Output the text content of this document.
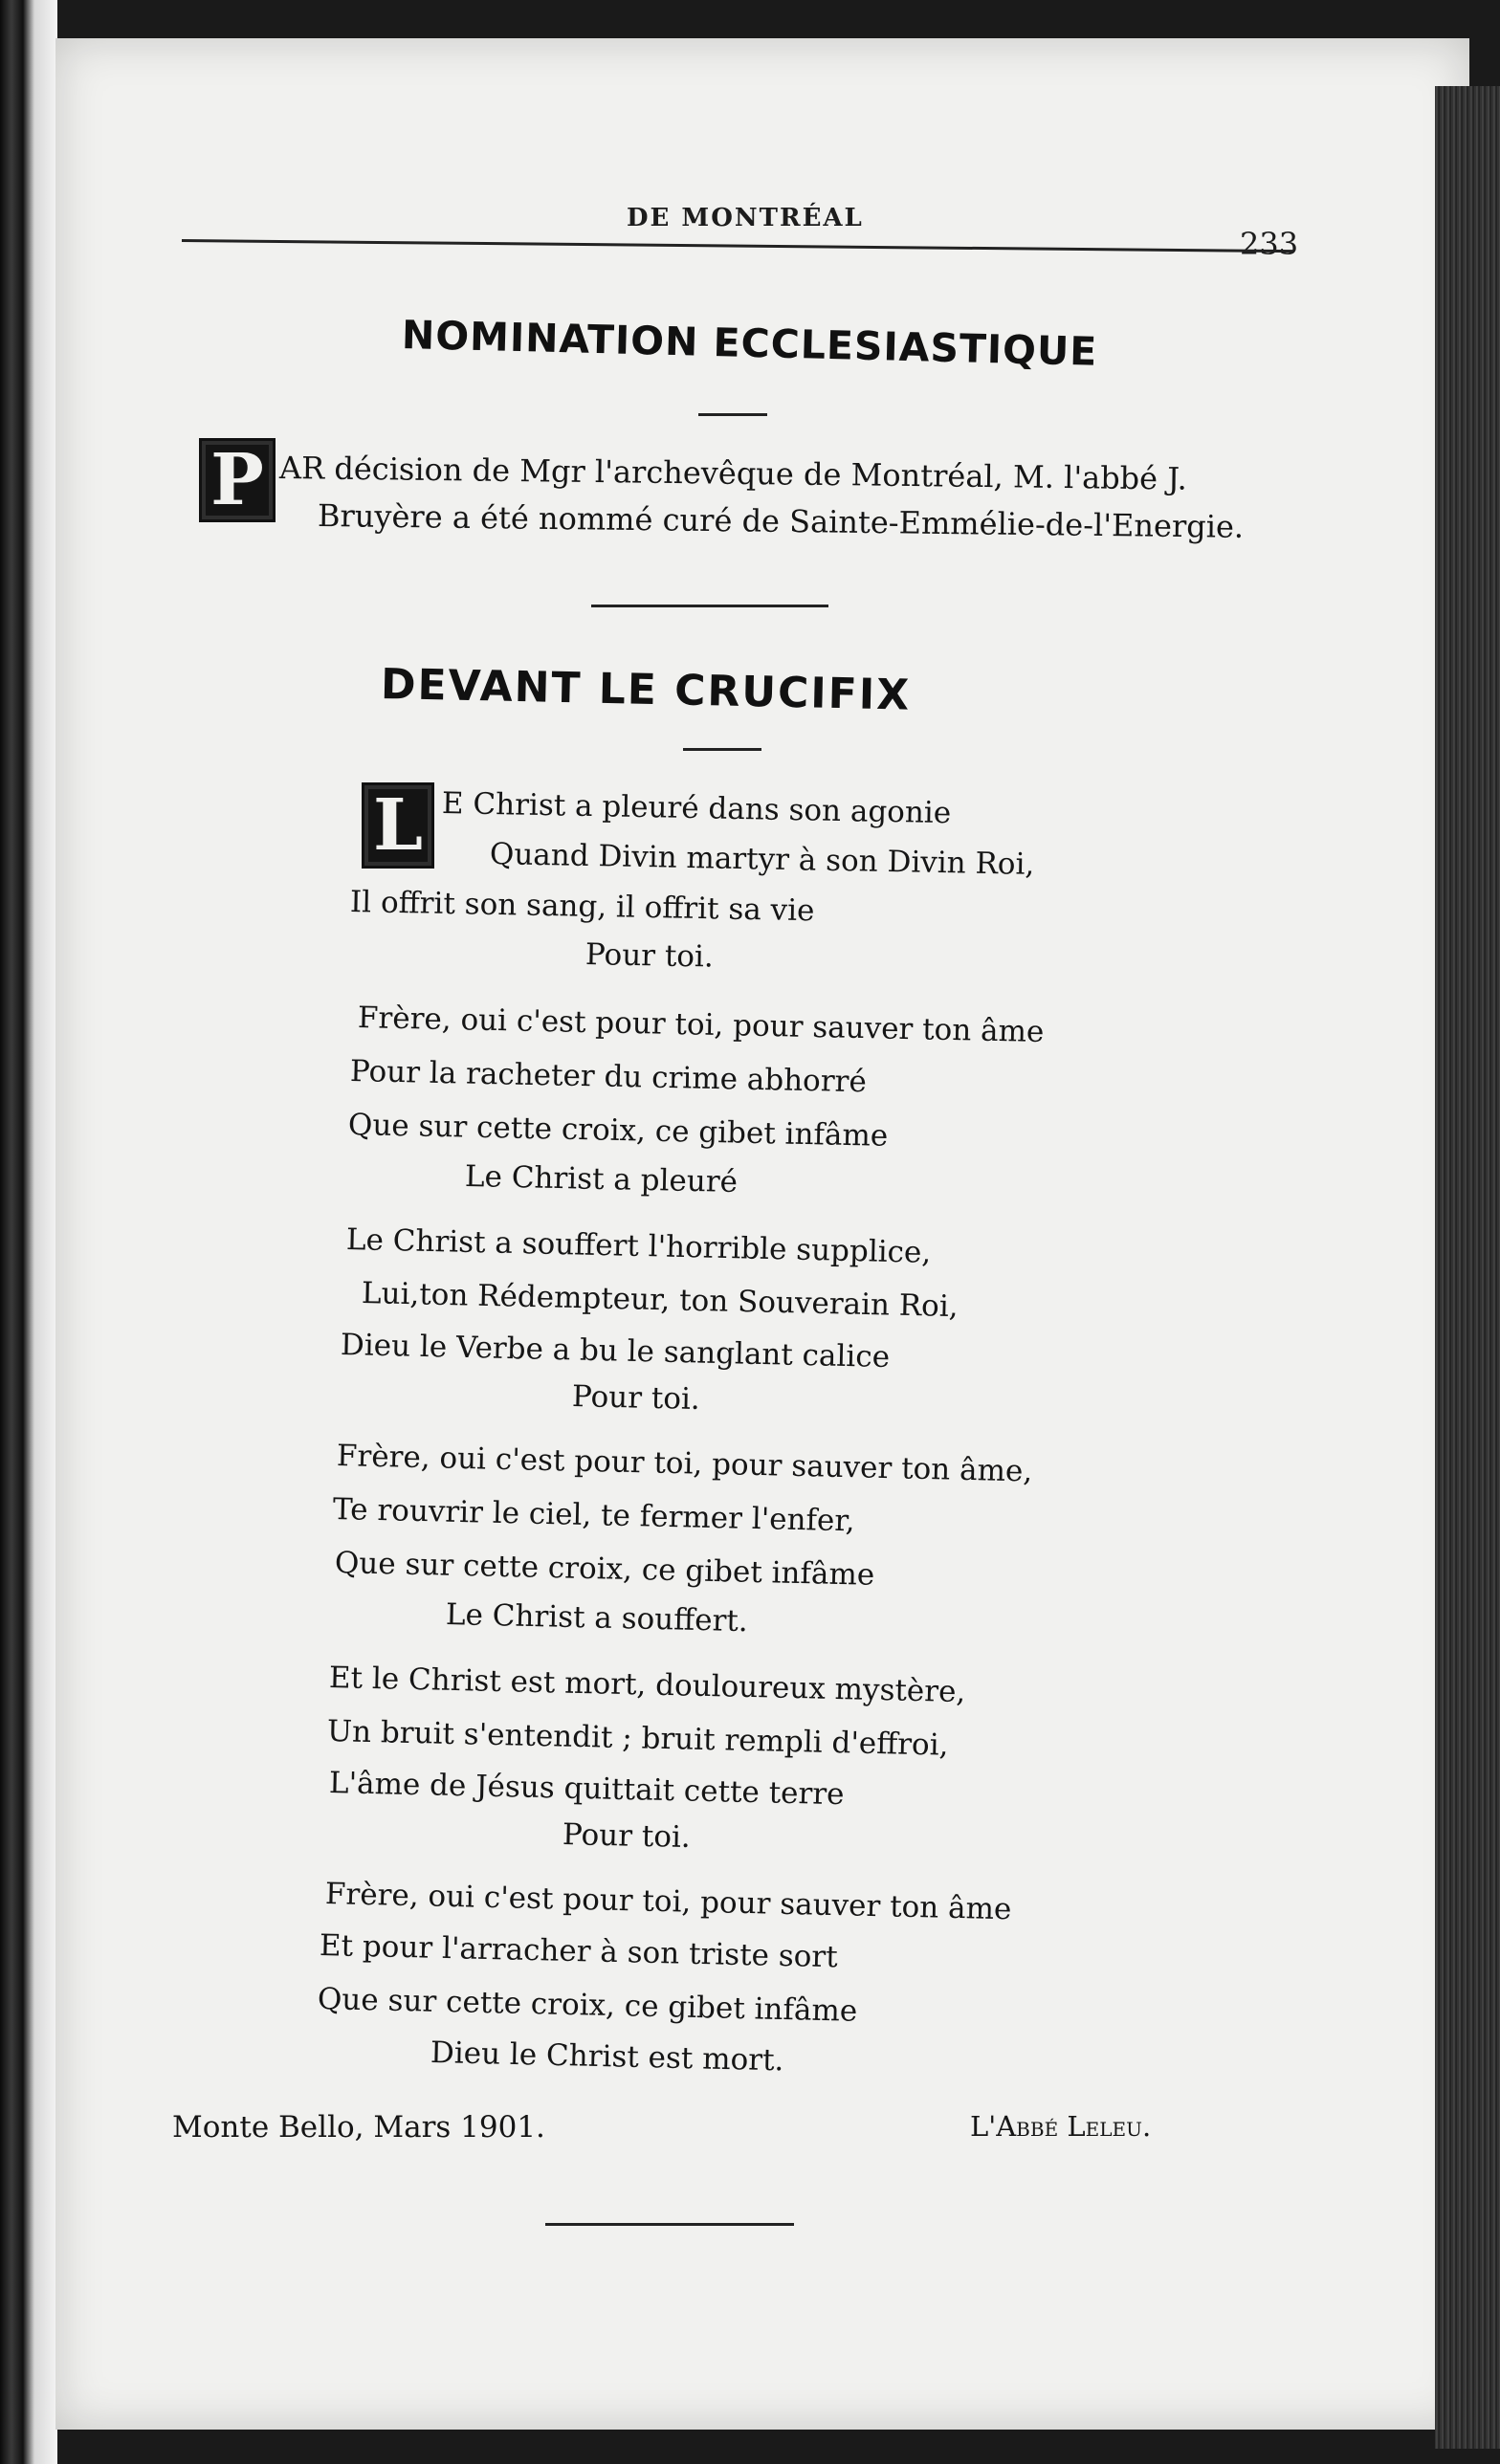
DE MONTRÉAL
233
NOMINATION ECCLESIASTIQUE
P AR décision de Mgr l'archevêque de Montréal, M. l'abbé J.
Bruyère a été nommé curé de Sainte-Emmélie-de-l'Energie.
DEVANT LE CRUCIFIX
L E Christ a pleuré dans son agonie
Quand Divin martyr à son Divin Roi,
Il offrit son sang, il offrit sa vie
Pour toi.
Frère, oui c'est pour toi, pour sauver ton âme
Pour la racheter du crime abhorré
Que sur cette croix, ce gibet infâme
Le Christ a pleuré
Le Christ a souffert l'horrible supplice,
Lui,ton Rédempteur, ton Souverain Roi,
Dieu le Verbe a bu le sanglant calice
Pour toi.
Frère, oui c'est pour toi, pour sauver ton âme,
Te rouvrir le ciel, te fermer l'enfer,
Que sur cette croix, ce gibet infâme
Le Christ a souffert.
Et le Christ est mort, douloureux mystère,
Un bruit s'entendit ; bruit rempli d'effroi,
L'âme de Jésus quittait cette terre
Pour toi.
Frère, oui c'est pour toi, pour sauver ton âme
Et pour l'arracher à son triste sort
Que sur cette croix, ce gibet infâme
Dieu le Christ est mort.
Monte Bello, Mars 1901.	L'Abbé Leleu.
